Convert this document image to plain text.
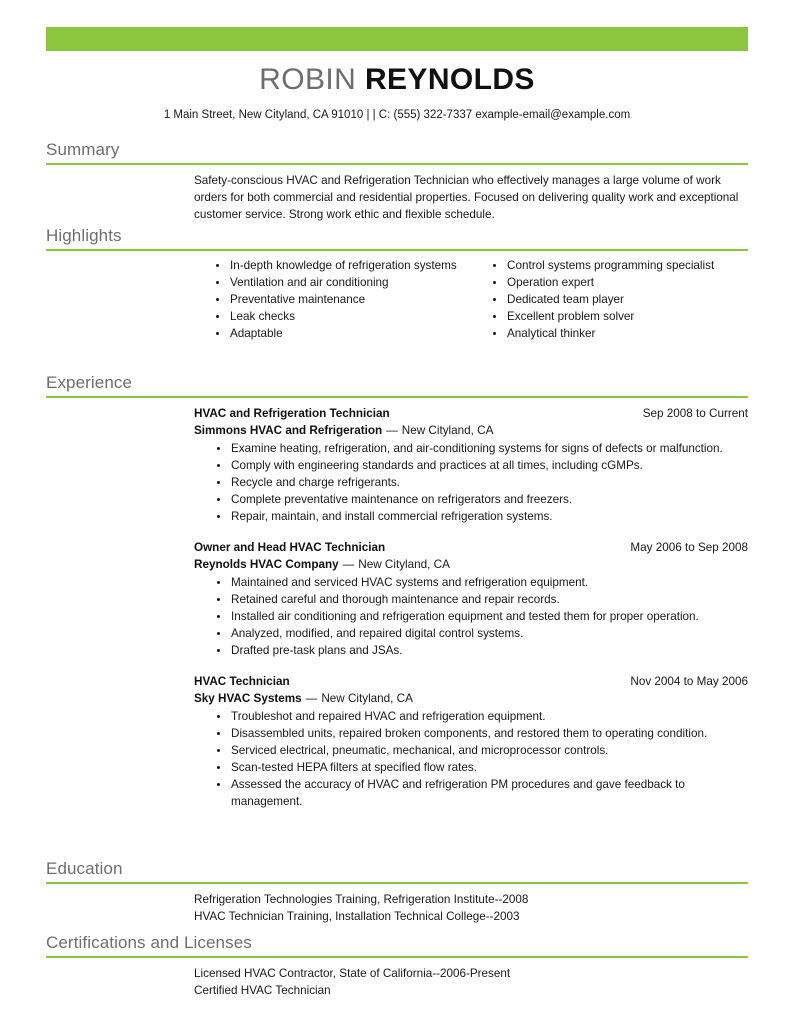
ROBIN REYNOLDS
1 Main Street, New Cityland, CA 91010 | | C: (555) 322-7337 example-email@example.com
Summary
Safety-conscious HVAC and Refrigeration Technician who effectively manages a large volume of work orders for both commercial and residential properties. Focused on delivering quality work and exceptional customer service. Strong work ethic and flexible schedule.
Highlights
In-depth knowledge of refrigeration systems
Ventilation and air conditioning
Preventative maintenance
Leak checks
Adaptable
Control systems programming specialist
Operation expert
Dedicated team player
Excellent problem solver
Analytical thinker
Experience
HVAC and Refrigeration Technician	Sep 2008 to Current
Simmons HVAC and Refrigeration — New Cityland, CA
Examine heating, refrigeration, and air-conditioning systems for signs of defects or malfunction.
Comply with engineering standards and practices at all times, including cGMPs.
Recycle and charge refrigerants.
Complete preventative maintenance on refrigerators and freezers.
Repair, maintain, and install commercial refrigeration systems.
Owner and Head HVAC Technician	May 2006 to Sep 2008
Reynolds HVAC Company — New Cityland, CA
Maintained and serviced HVAC systems and refrigeration equipment.
Retained careful and thorough maintenance and repair records.
Installed air conditioning and refrigeration equipment and tested them for proper operation.
Analyzed, modified, and repaired digital control systems.
Drafted pre-task plans and JSAs.
HVAC Technician	Nov 2004 to May 2006
Sky HVAC Systems — New Cityland, CA
Troubleshot and repaired HVAC and refrigeration equipment.
Disassembled units, repaired broken components, and restored them to operating condition.
Serviced electrical, pneumatic, mechanical, and microprocessor controls.
Scan-tested HEPA filters at specified flow rates.
Assessed the accuracy of HVAC and refrigeration PM procedures and gave feedback to management.
Education
Refrigeration Technologies Training, Refrigeration Institute--2008
HVAC Technician Training, Installation Technical College--2003
Certifications and Licenses
Licensed HVAC Contractor, State of California--2006-Present
Certified HVAC Technician
